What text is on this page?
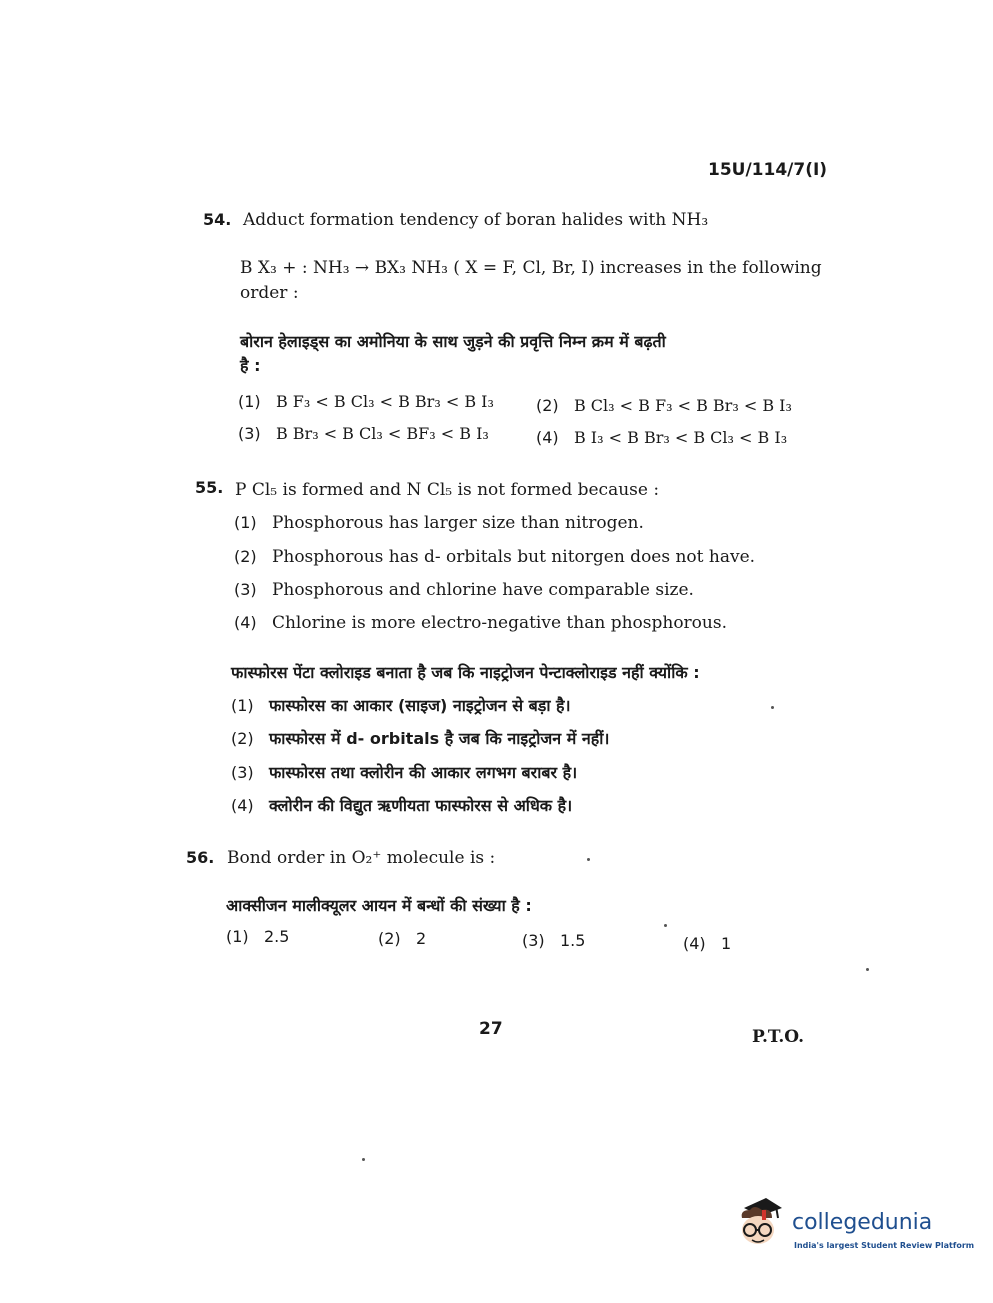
15U/114/7(I)
54. Adduct formation tendency of boran halides with NH₃
B X₃ + : NH₃ → BX₃ NH₃ ( X = F, Cl, Br, I) increases in the following
order :
बोरान हेलाइड्स का अमोनिया के साथ जुड़ने की प्रवृत्ति निम्न क्रम में बढ़ती
है :
(1) B F₃ < B Cl₃ < B Br₃ < B I₃	(2) B Cl₃ < B F₃ < B Br₃ < B I₃
(3) B Br₃ < B Cl₃ < BF₃ < B I₃	(4) B I₃ < B Br₃ < B Cl₃ < B I₃
55. P Cl₅ is formed and N Cl₅ is not formed because :
(1) Phosphorous has larger size than nitrogen.
(2) Phosphorous has d- orbitals but nitorgen does not have.
(3) Phosphorous and chlorine have comparable size.
(4) Chlorine is more electro-negative than phosphorous.
फास्फोरस पेंटा क्लोराइड बनाता है जब कि नाइट्रोजन पेन्टाक्लोराइड नहीं क्योंकि :
(1) फास्फोरस का आकार (साइज) नाइट्रोजन से बड़ा है।
(2) फास्फोरस में d- orbitals है जब कि नाइट्रोजन में नहीं।
(3) फास्फोरस तथा क्लोरीन की आकार लगभग बराबर है।
(4) क्लोरीन की विद्युत ऋणीयता फास्फोरस से अधिक है।
56. Bond order in O₂⁺ molecule is :
आक्सीजन मालीक्यूलर आयन में बन्धों की संख्या है :
(1) 2.5	(2) 2	(3) 1.5	(4) 1
27	P.T.O.
collegedunia
India's largest Student Review Platform
